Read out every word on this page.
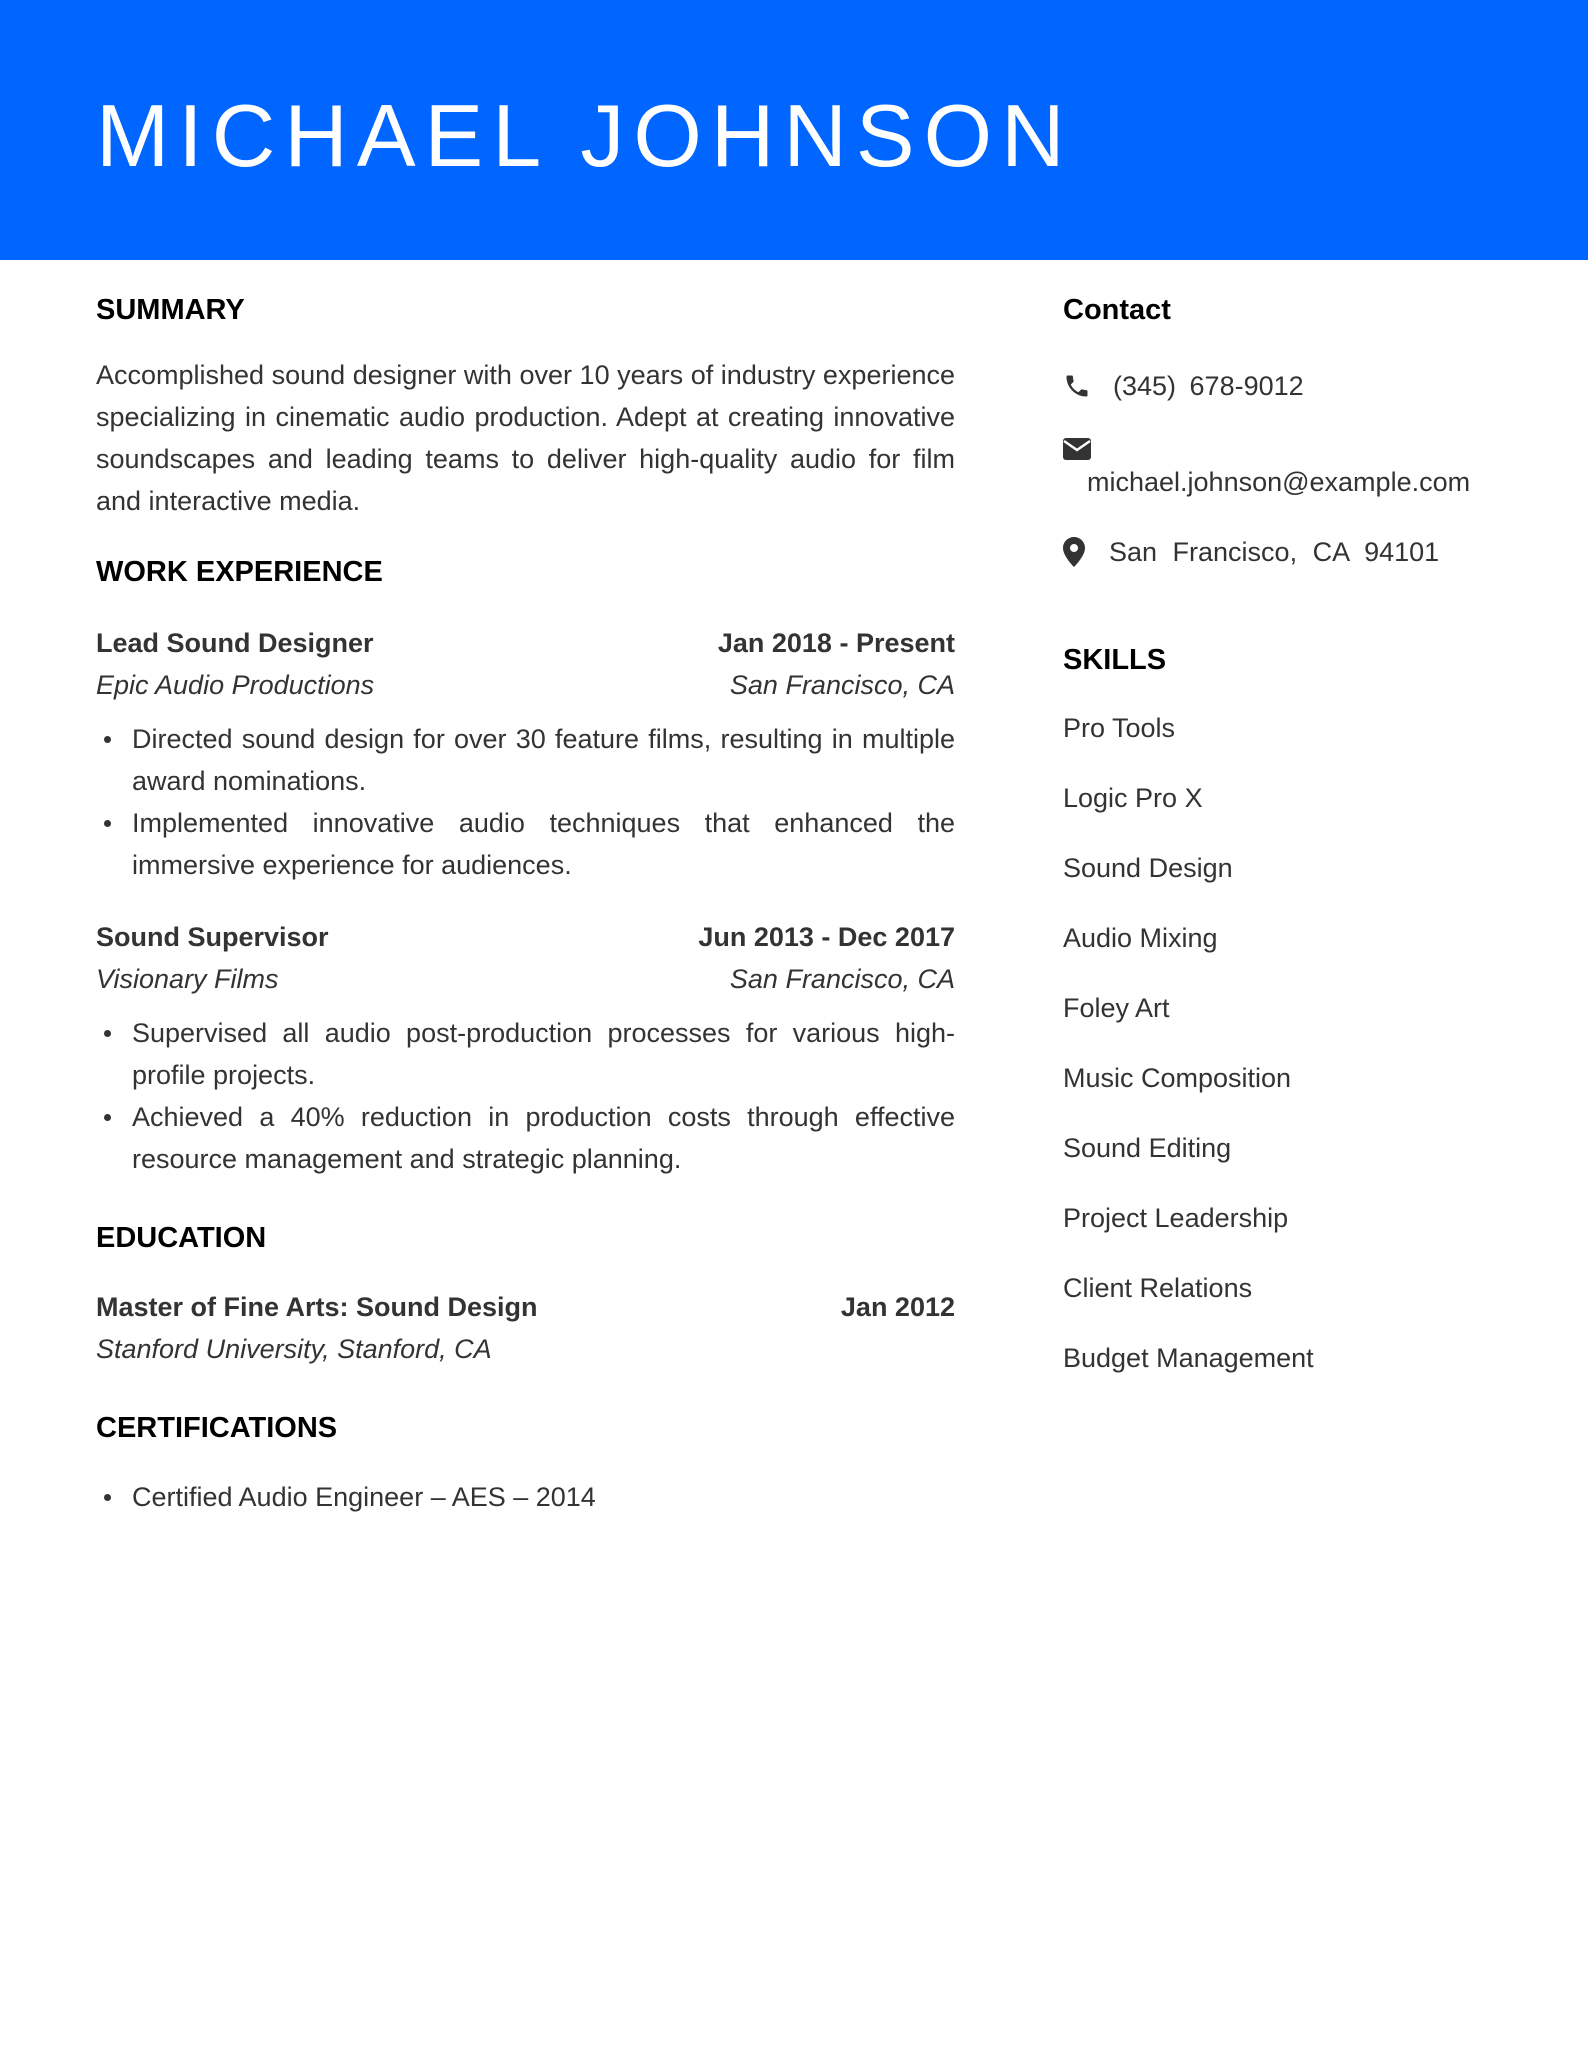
MICHAEL JOHNSON
SUMMARY

Accomplished sound designer with over 10 years of industry experience specializing in cinematic audio production. Adept at creating innovative soundscapes and leading teams to deliver high-quality audio for film and interactive media.

WORK EXPERIENCE
Lead Sound Designer	Jan 2018 - Present
Epic Audio Productions	San Francisco, CA
Directed sound design for over 30 feature films, resulting in multiple award nominations.
Implemented innovative audio techniques that enhanced the immersive experience for audiences.
Sound Supervisor	Jun 2013 - Dec 2017
Visionary Films	San Francisco, CA
Supervised all audio post-production processes for various high-profile projects.
Achieved a 40% reduction in production costs through effective resource management and strategic planning.
EDUCATION
Master of Fine Arts: Sound Design	Jan 2012
Stanford University, Stanford, CA
CERTIFICATIONS
Certified Audio Engineer – AES – 2014
Contact
(345) 678-9012
michael.johnson@example.com
San Francisco, CA 94101
SKILLS
Pro Tools
Logic Pro X
Sound Design
Audio Mixing
Foley Art
Music Composition
Sound Editing
Project Leadership
Client Relations
Budget Management
